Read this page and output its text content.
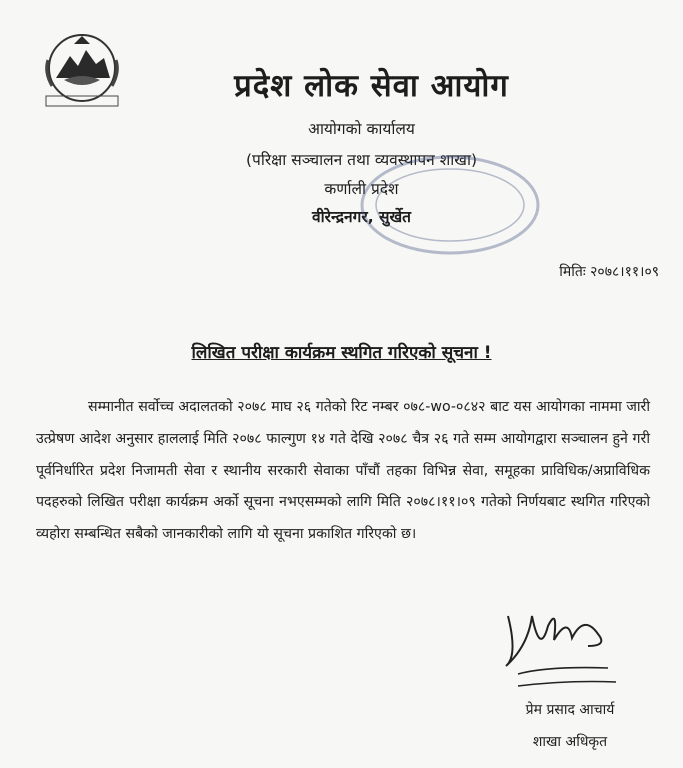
प्रदेश लोक सेवा आयोग
आयोगको कार्यालय
(परिक्षा सञ्चालन तथा व्यवस्थापन शाखा)
कर्णाली प्रदेश
वीरेन्द्रनगर, सुर्खेत
मितिः २०७८।११।०९
लिखित परीक्षा कार्यक्रम स्थगित गरिएको सूचना !
सम्मानीत सर्वोच्च अदालतको २०७८ माघ २६ गतेको रिट नम्बर ०७८-wo-०८४२ बाट यस आयोगका नाममा जारी उत्प्रेषण आदेश अनुसार हाललाई मिति २०७८ फाल्गुण १४ गते देखि २०७८ चैत्र २६ गते सम्म आयोगद्वारा सञ्चालन हुने गरी पूर्वनिर्धारित प्रदेश निजामती सेवा र स्थानीय सरकारी सेवाका पाँचौं तहका विभिन्न सेवा, समूहका प्राविधिक/अप्राविधिक पदहरुको लिखित परीक्षा कार्यक्रम अर्को सूचना नभएसम्मको लागि मिति २०७८।११।०९ गतेको निर्णयबाट स्थगित गरिएको व्यहोरा सम्बन्धित सबैको जानकारीको लागि यो सूचना प्रकाशित गरिएको छ।
प्रेम प्रसाद आचार्य
शाखा अधिकृत
